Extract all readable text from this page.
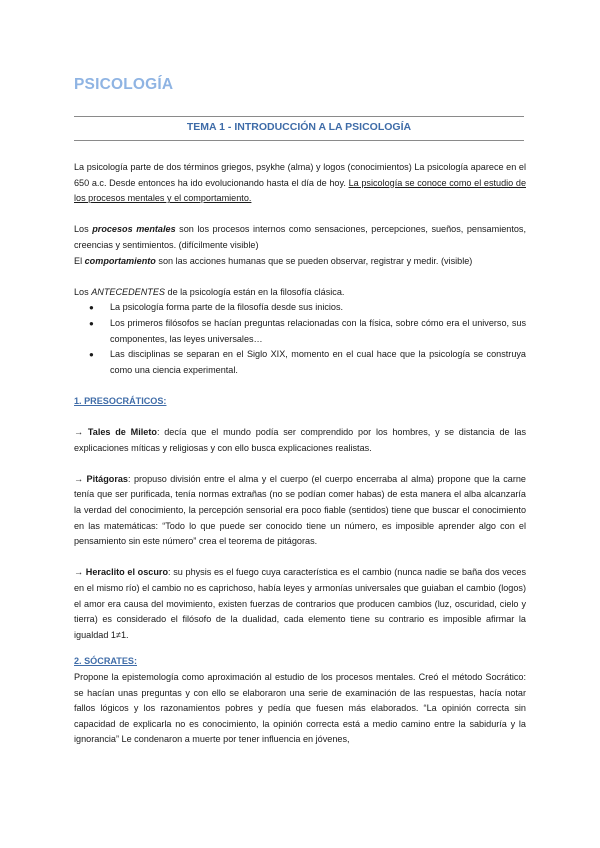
PSICOLOGÍA
TEMA 1 - INTRODUCCIÓN A LA PSICOLOGÍA

La psicología parte de dos términos griegos, psykhe (alma) y logos (conocimientos) La psicología aparece en el 650 a.c. Desde entonces ha ido evolucionando hasta el día de hoy. La psicología se conoce como el estudio de los procesos mentales y el comportamiento.

Los procesos mentales son los procesos internos como sensaciones, percepciones, sueños, pensamientos, creencias y sentimientos. (difícilmente visible)

El comportamiento son las acciones humanas que se pueden observar, registrar y medir. (visible)

Los ANTECEDENTES de la psicología están en la filosofía clásica.

● La psicología forma parte de la filosofía desde sus inicios.
● Los primeros filósofos se hacían preguntas relacionadas con la física, sobre cómo era el universo, sus componentes, las leyes universales…
● Las disciplinas se separan en el Siglo XIX, momento en el cual hace que la psicología se construya como una ciencia experimental.

1. PRESOCRÁTICOS:

→ Tales de Mileto: decía que el mundo podía ser comprendido por los hombres, y se distancia de las explicaciones míticas y religiosas y con ello busca explicaciones realistas.

→ Pitágoras: propuso división entre el alma y el cuerpo (el cuerpo encerraba al alma) propone que la carne tenía que ser purificada, tenía normas extrañas (no se podían comer habas) de esta manera el alba alcanzaría la verdad del conocimiento, la percepción sensorial era poco fiable (sentidos) tiene que buscar el conocimiento en las matemáticas: “Todo lo que puede ser conocido tiene un número, es imposible aprender algo con el pensamiento sin este número” crea el teorema de pitágoras.

→ Heraclito el oscuro: su physis es el fuego cuya característica es el cambio (nunca nadie se baña dos veces en el mismo río) el cambio no es caprichoso, había leyes y armonías universales que guiaban el cambio (logos) el amor era causa del movimiento, existen fuerzas de contrarios que producen cambios (luz, oscuridad, cielo y tierra) es considerado el filósofo de la dualidad, cada elemento tiene su contrario es imposible afirmar la igualdad 1≠1.

2. SÓCRATES:

Propone la epistemología como aproximación al estudio de los procesos mentales. Creó el método Socrático: se hacían unas preguntas y con ello se elaboraron una serie de examinación de las respuestas, hacía notar fallos lógicos y los razonamientos pobres y pedía que fuesen más elaborados. “La opinión correcta sin capacidad de explicarla no es conocimiento, la opinión correcta está a medio camino entre la sabiduría y la ignorancia” Le condenaron a muerte por tener influencia en jóvenes,
